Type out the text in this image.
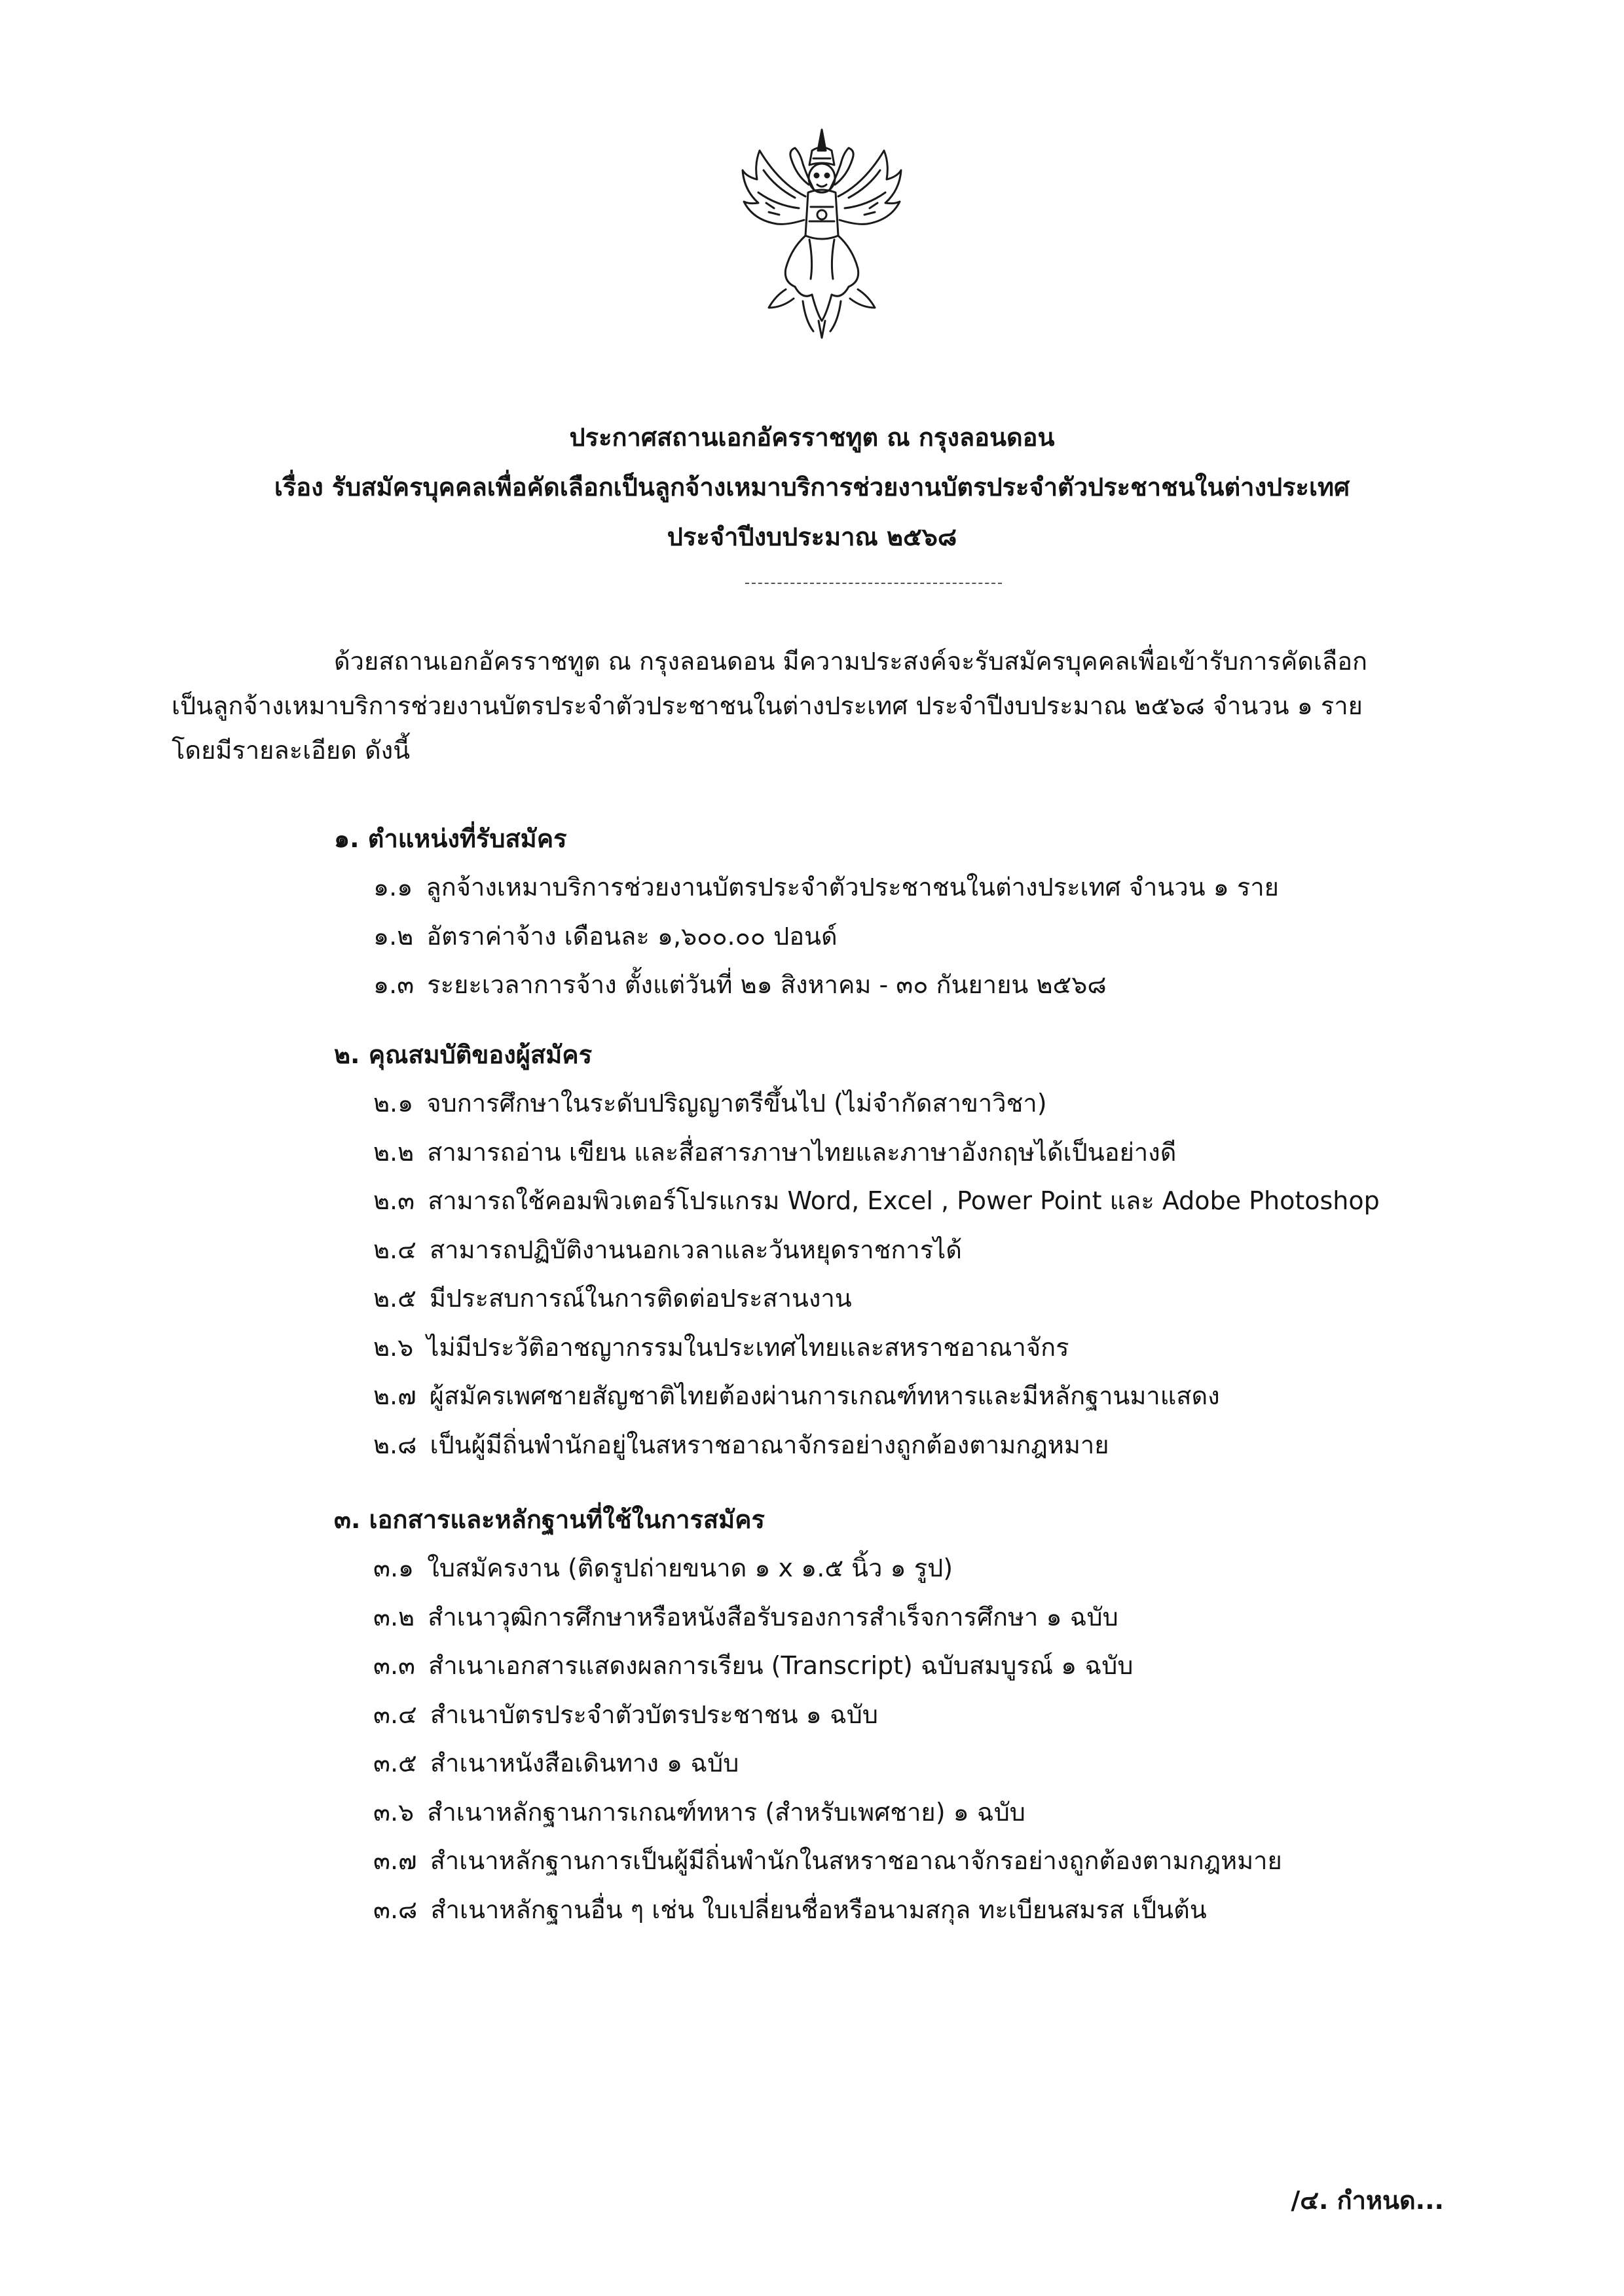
ประกาศสถานเอกอัครราชทูต ณ กรุงลอนดอน
เรื่อง รับสมัครบุคคลเพื่อคัดเลือกเป็นลูกจ้างเหมาบริการช่วยงานบัตรประจำตัวประชาชนในต่างประเทศ
ประจำปีงบประมาณ ๒๕๖๘
ด้วยสถานเอกอัครราชทูต ณ กรุงลอนดอน มีความประสงค์จะรับสมัครบุคคลเพื่อเข้ารับการคัดเลือก
เป็นลูกจ้างเหมาบริการช่วยงานบัตรประจำตัวประชาชนในต่างประเทศ ประจำปีงบประมาณ ๒๕๖๘ จำนวน ๑ ราย
โดยมีรายละเอียด ดังนี้
๑. ตำแหน่งที่รับสมัคร
๑.๑ ลูกจ้างเหมาบริการช่วยงานบัตรประจำตัวประชาชนในต่างประเทศ จำนวน ๑ ราย
๑.๒ อัตราค่าจ้าง เดือนละ ๑,๖๐๐.๐๐ ปอนด์
๑.๓ ระยะเวลาการจ้าง ตั้งแต่วันที่ ๒๑ สิงหาคม - ๓๐ กันยายน ๒๕๖๘
๒. คุณสมบัติของผู้สมัคร
๒.๑ จบการศึกษาในระดับปริญญาตรีขึ้นไป (ไม่จำกัดสาขาวิชา)
๒.๒ สามารถอ่าน เขียน และสื่อสารภาษาไทยและภาษาอังกฤษได้เป็นอย่างดี
๒.๓ สามารถใช้คอมพิวเตอร์โปรแกรม Word, Excel , Power Point และ Adobe Photoshop
๒.๔ สามารถปฏิบัติงานนอกเวลาและวันหยุดราชการได้
๒.๕ มีประสบการณ์ในการติดต่อประสานงาน
๒.๖ ไม่มีประวัติอาชญากรรมในประเทศไทยและสหราชอาณาจักร
๒.๗ ผู้สมัครเพศชายสัญชาติไทยต้องผ่านการเกณฑ์ทหารและมีหลักฐานมาแสดง
๒.๘ เป็นผู้มีถิ่นพำนักอยู่ในสหราชอาณาจักรอย่างถูกต้องตามกฎหมาย
๓. เอกสารและหลักฐานที่ใช้ในการสมัคร
๓.๑ ใบสมัครงาน (ติดรูปถ่ายขนาด ๑ x ๑.๕ นิ้ว ๑ รูป)
๓.๒ สำเนาวุฒิการศึกษาหรือหนังสือรับรองการสำเร็จการศึกษา ๑ ฉบับ
๓.๓ สำเนาเอกสารแสดงผลการเรียน (Transcript) ฉบับสมบูรณ์ ๑ ฉบับ
๓.๔ สำเนาบัตรประจำตัวบัตรประชาชน ๑ ฉบับ
๓.๕ สำเนาหนังสือเดินทาง ๑ ฉบับ
๓.๖ สำเนาหลักฐานการเกณฑ์ทหาร (สำหรับเพศชาย) ๑ ฉบับ
๓.๗ สำเนาหลักฐานการเป็นผู้มีถิ่นพำนักในสหราชอาณาจักรอย่างถูกต้องตามกฎหมาย
๓.๘ สำเนาหลักฐานอื่น ๆ เช่น ใบเปลี่ยนชื่อหรือนามสกุล ทะเบียนสมรส เป็นต้น
/๔. กำหนด...
